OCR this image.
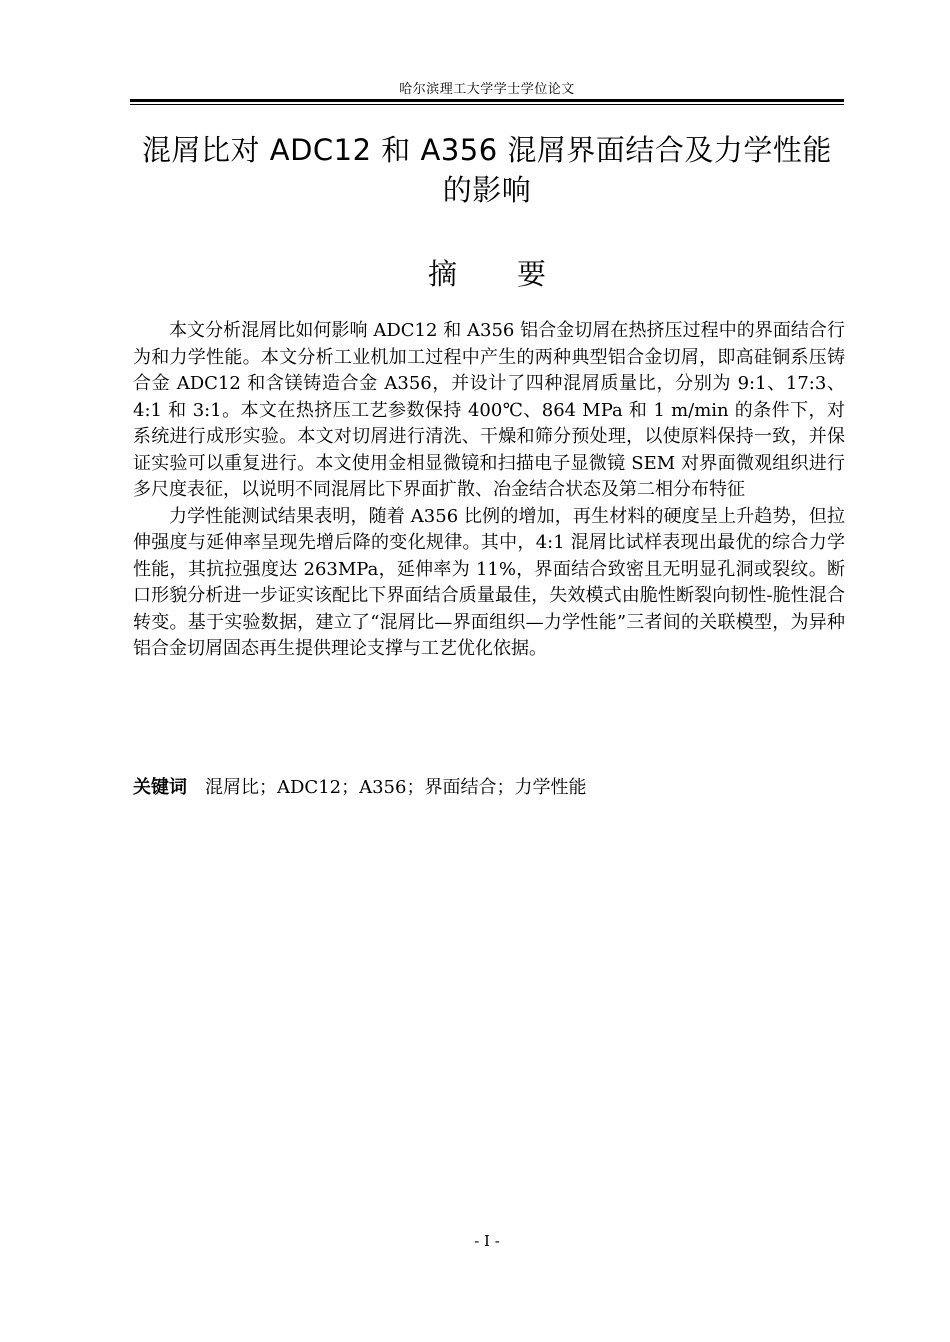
哈尔滨理工大学学士学位论文
混屑比对 ADC12 和 A356 混屑界面结合及力学性能
的影响
摘要

本文分析混屑比如何影响 ADC12 和 A356 铝合金切屑在热挤压过程中的界面结合行为和力学性能。本文分析工业机加工过程中产生的两种典型铝合金切屑，即高硅铜系压铸合金 ADC12 和含镁铸造合金 A356，并设计了四种混屑质量比，分别为 9:1、17:3、4:1 和 3:1。本文在热挤压工艺参数保持 400℃、864 MPa 和 1 m/min 的条件下，对系统进行成形实验。本文对切屑进行清洗、干燥和筛分预处理，以使原料保持一致，并保证实验可以重复进行。本文使用金相显微镜和扫描电子显微镜 SEM 对界面微观组织进行多尺度表征，以说明不同混屑比下界面扩散、冶金结合状态及第二相分布特征

力学性能测试结果表明，随着 A356 比例的增加，再生材料的硬度呈上升趋势，但拉伸强度与延伸率呈现先增后降的变化规律。其中，4:1 混屑比试样表现出最优的综合力学性能，其抗拉强度达 263MPa，延伸率为 11%，界面结合致密且无明显孔洞或裂纹。断口形貌分析进一步证实该配比下界面结合质量最佳，失效模式由脆性断裂向韧性-脆性混合转变。基于实验数据，建立了“混屑比—界面组织—力学性能”三者间的关联模型，为异种铝合金切屑固态再生提供理论支撑与工艺优化依据。

关键词 混屑比；ADC12；A356；界面结合；力学性能
- I -
